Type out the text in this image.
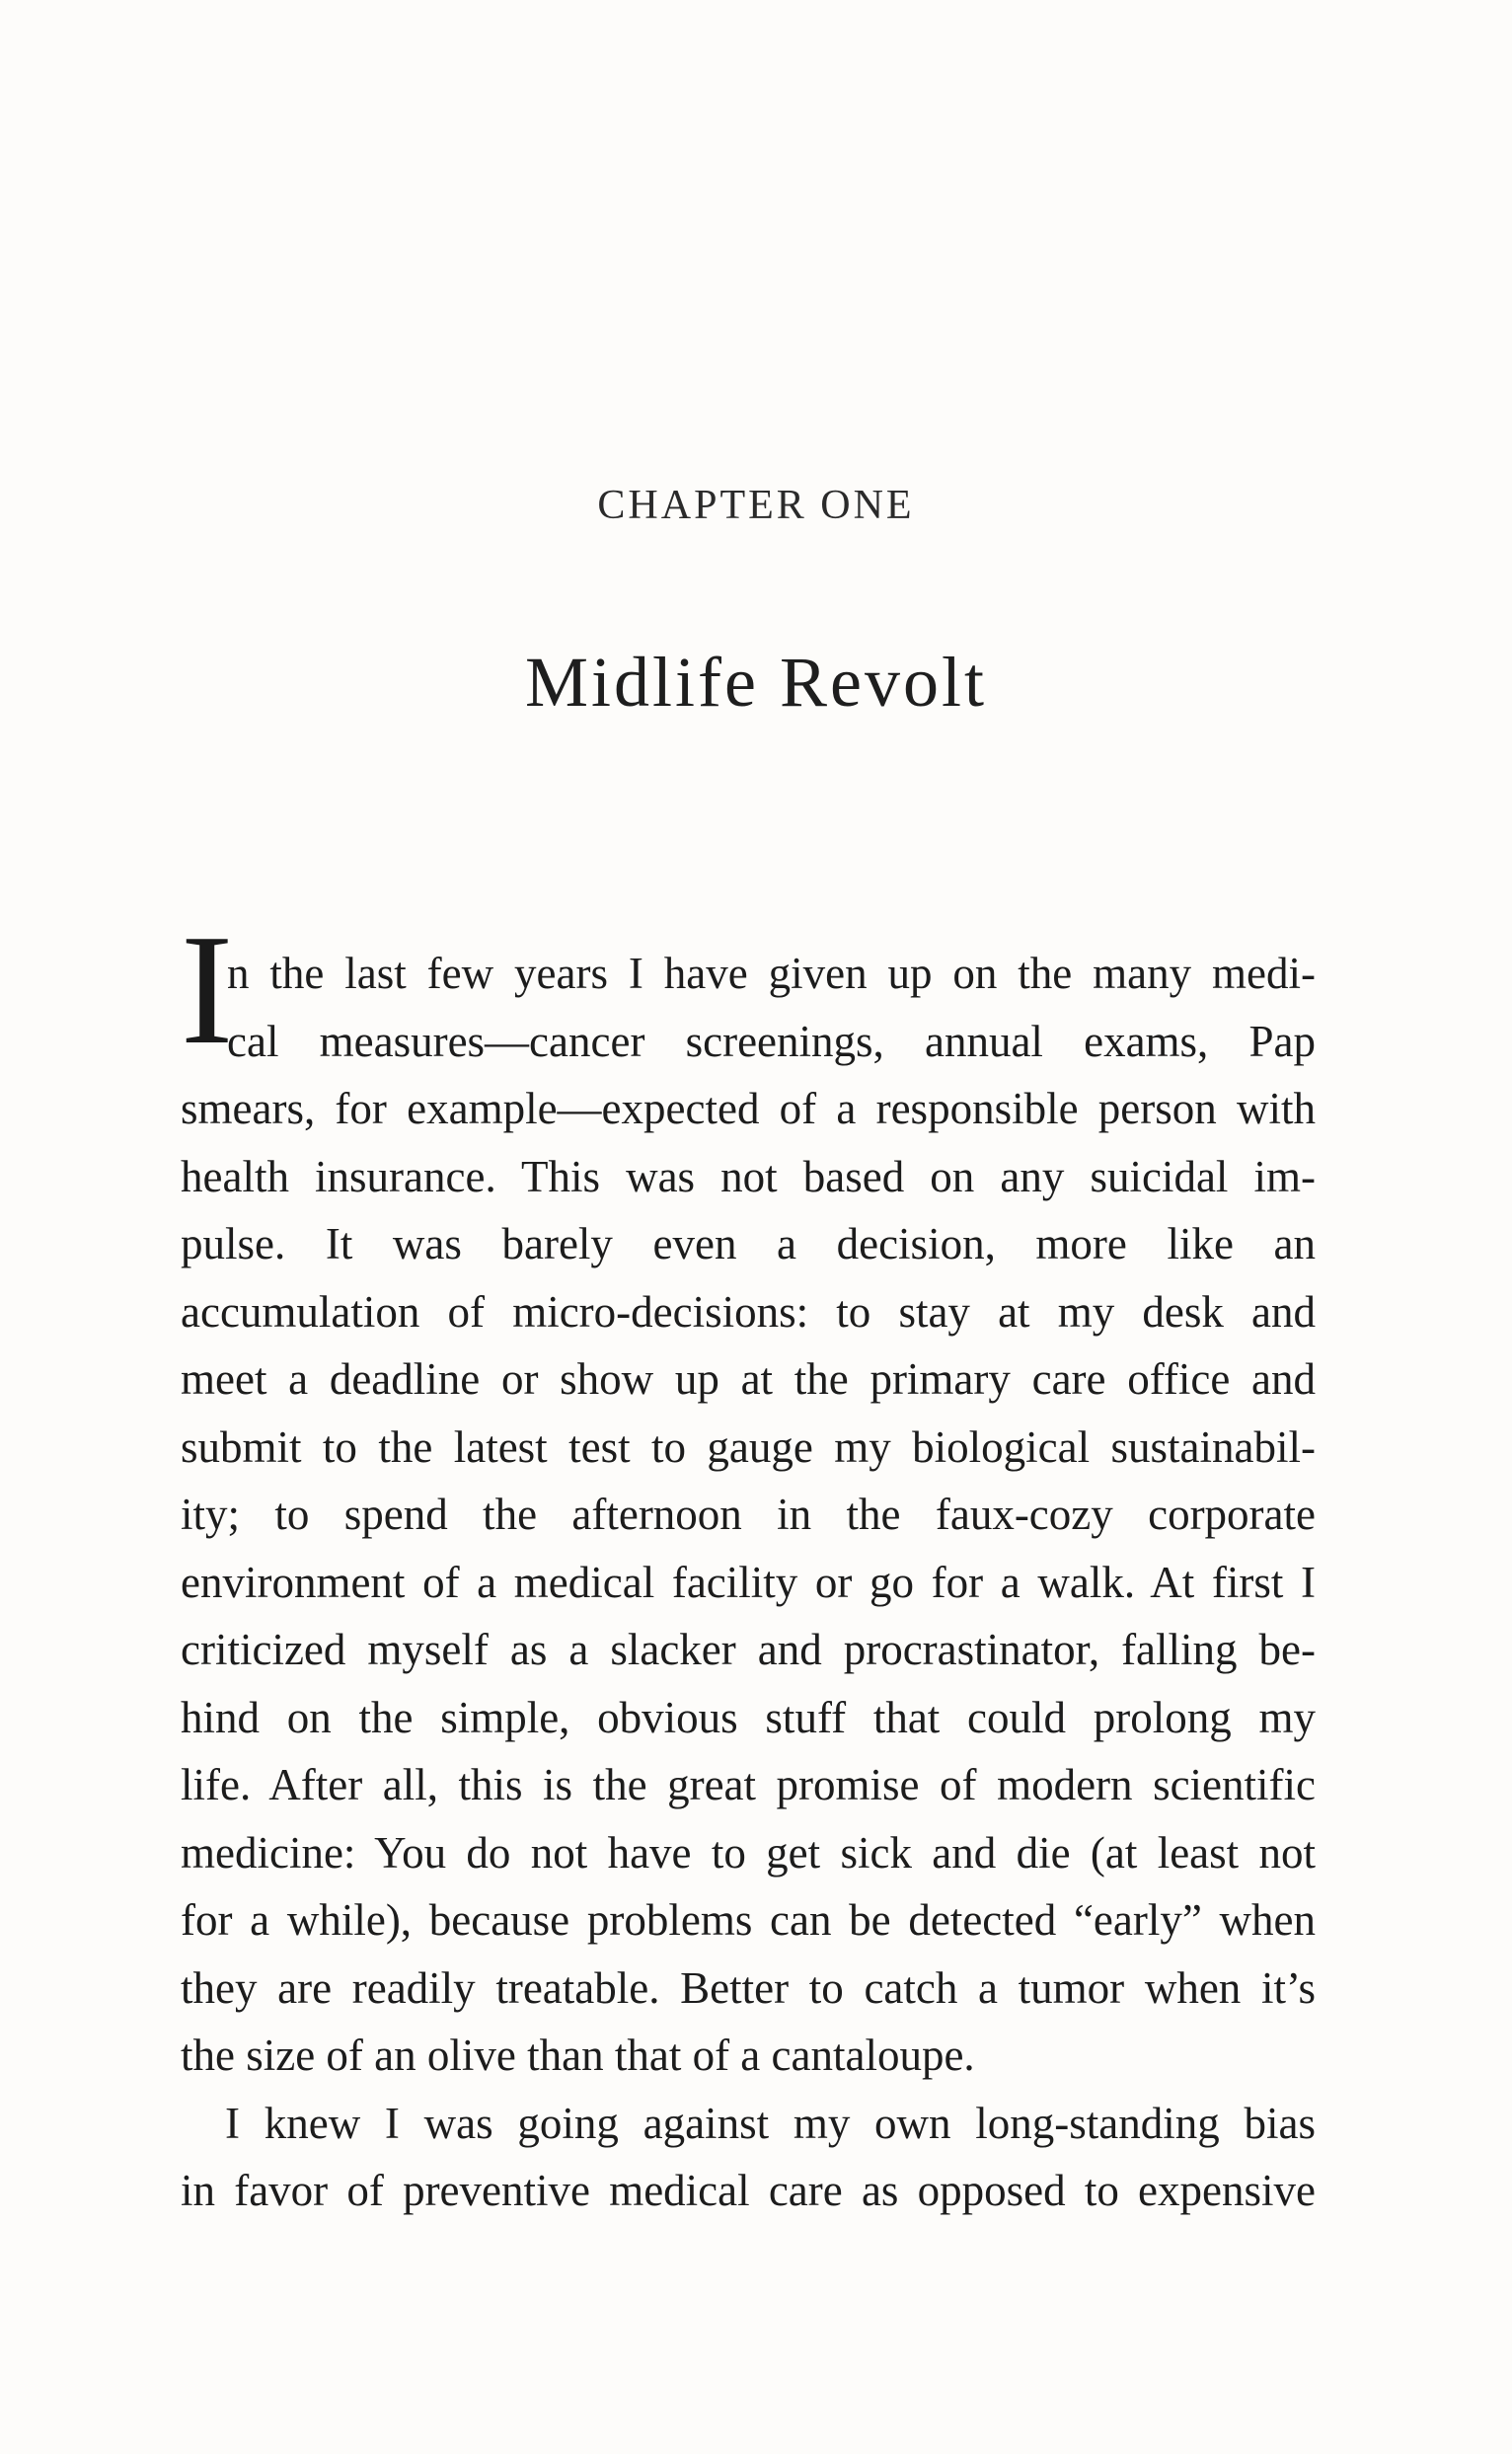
CHAPTER ONE
Midlife Revolt
I
n the last few years I have given up on the many medi-
cal measures—cancer screenings, annual exams, Pap
smears, for example—expected of a responsible person with
health insurance. This was not based on any suicidal im-
pulse. It was barely even a decision, more like an
accumulation of micro-decisions: to stay at my desk and
meet a deadline or show up at the primary care office and
submit to the latest test to gauge my biological sustainabil-
ity; to spend the afternoon in the faux-cozy corporate
environment of a medical facility or go for a walk. At first I
criticized myself as a slacker and procrastinator, falling be-
hind on the simple, obvious stuff that could prolong my
life. After all, this is the great promise of modern scientific
medicine: You do not have to get sick and die (at least not
for a while), because problems can be detected “early” when
they are readily treatable. Better to catch a tumor when it’s
the size of an olive than that of a cantaloupe.
I knew I was going against my own long-standing bias
in favor of preventive medical care as opposed to expensive
